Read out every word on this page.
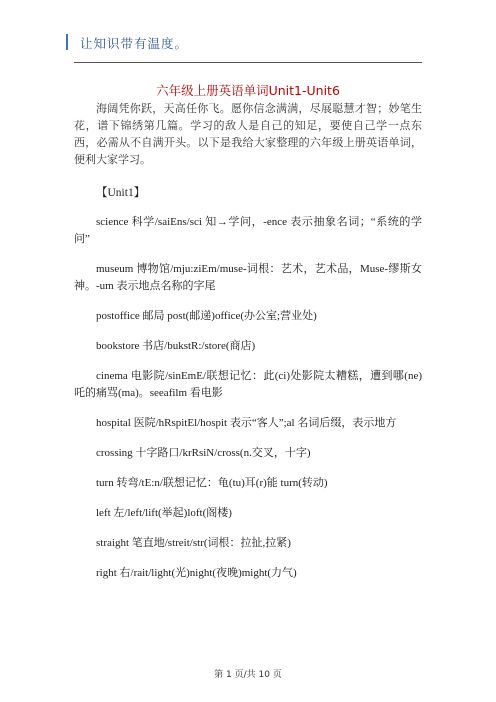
让知识带有温度。
六年级上册英语单词Unit1-Unit6

海阔凭你跃，天高任你飞。愿你信念满满，尽展聪慧才智；妙笔生花，谱下锦绣第几篇。学习的敌人是自己的知足，要使自己学一点东西，必需从不自满开头。以下是我给大家整理的六年级上册英语单词，便利大家学习。

【Unit1】

science 科学/saiEns/sci 知→学问，-ence 表示抽象名词；“系统的学问”

museum 博物馆/mju:ziEm/muse-词根：艺术，艺术品，Muse-缪斯女神。-um 表示地点名称的字尾

postoffice 邮局 post(邮递)office(办公室;营业处)

bookstore 书店/bukstR:/store(商店)

cinema 电影院/sinEmE/联想记忆：此(ci)处影院太糟糕，遭到哪(ne)吒的痛骂(ma)。seeafilm 看电影

hospital 医院/hRspitEl/hospit 表示“客人”;al 名词后缀，表示地方

crossing 十字路口/krRsiN/cross(n.交叉，十字)

turn 转弯/tE:n/联想记忆：龟(tu)耳(r)能 turn(转动)

left 左/left/lift(举起)loft(阁楼)

straight 笔直地/streit/str(词根：拉扯,拉紧)

right 右/rait/light(光)night(夜晚)might(力气)

第 1 页/共 10 页
